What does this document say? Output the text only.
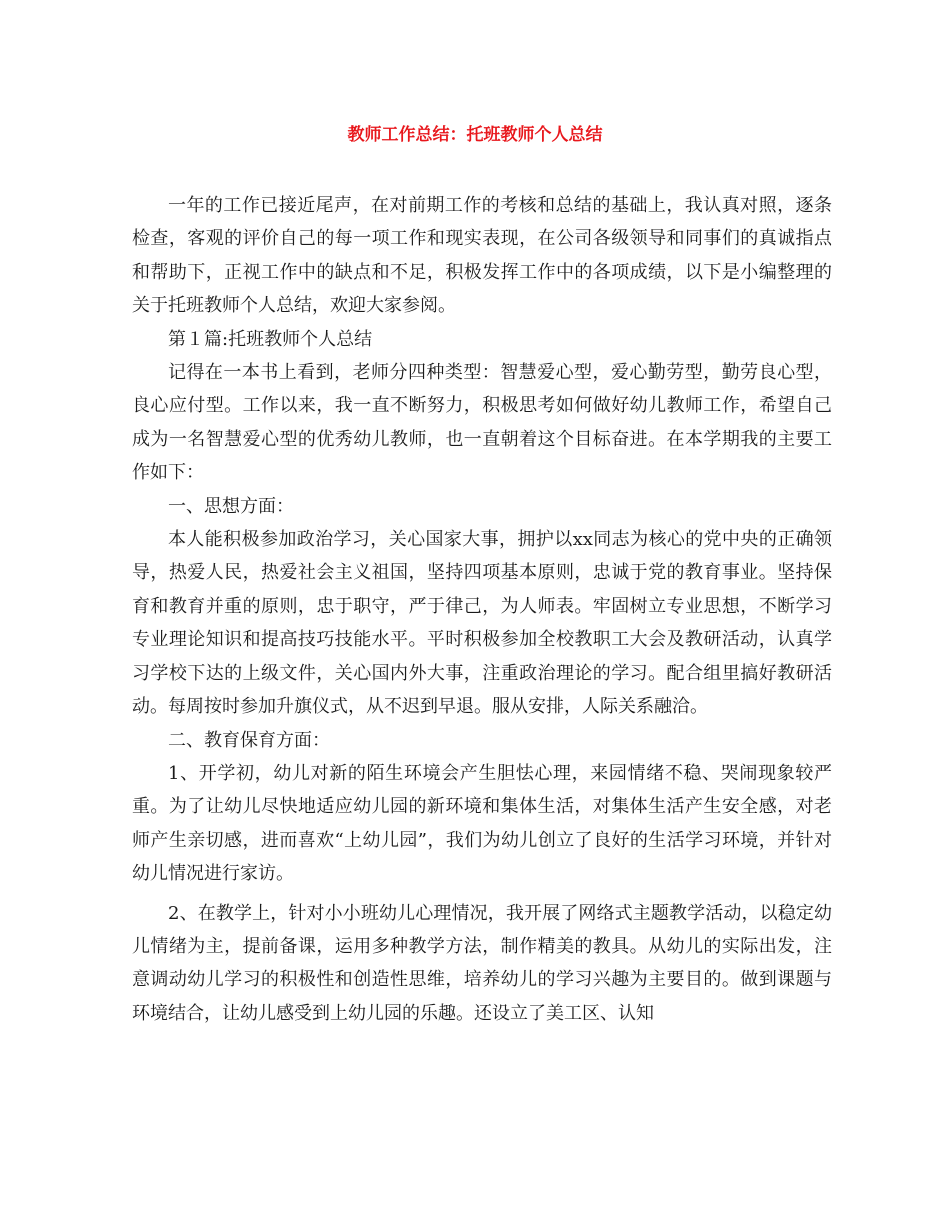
教师工作总结：托班教师个人总结

一年的工作已接近尾声，在对前期工作的考核和总结的基础上，我认真对照，逐条检查，客观的评价自己的每一项工作和现实表现，在公司各级领导和同事们的真诚指点和帮助下，正视工作中的缺点和不足，积极发挥工作中的各项成绩，以下是小编整理的关于托班教师个人总结，欢迎大家参阅。

第１篇:托班教师个人总结

记得在一本书上看到，老师分四种类型：智慧爱心型，爱心勤劳型，勤劳良心型，良心应付型。工作以来，我一直不断努力，积极思考如何做好幼儿教师工作，希望自己成为一名智慧爱心型的优秀幼儿教师，也一直朝着这个目标奋进。在本学期我的主要工作如下：

一、思想方面：

本人能积极参加政治学习，关心国家大事，拥护以xx同志为核心的党中央的正确领导，热爱人民，热爱社会主义祖国，坚持四项基本原则，忠诚于党的教育事业。坚持保育和教育并重的原则，忠于职守，严于律己，为人师表。牢固树立专业思想，不断学习专业理论知识和提高技巧技能水平。平时积极参加全校教职工大会及教研活动，认真学习学校下达的上级文件，关心国内外大事，注重政治理论的学习。配合组里搞好教研活动。每周按时参加升旗仪式，从不迟到早退。服从安排，人际关系融洽。

二、教育保育方面：

1、开学初，幼儿对新的陌生环境会产生胆怯心理，来园情绪不稳、哭闹现象较严重。为了让幼儿尽快地适应幼儿园的新环境和集体生活，对集体生活产生安全感，对老师产生亲切感，进而喜欢“上幼儿园”，我们为幼儿创立了良好的生活学习环境，并针对幼儿情况进行家访。

2、在教学上，针对小小班幼儿心理情况，我开展了网络式主题教学活动，以稳定幼儿情绪为主，提前备课，运用多种教学方法，制作精美的教具。从幼儿的实际出发，注意调动幼儿学习的积极性和创造性思维，培养幼儿的学习兴趣为主要目的。做到课题与环境结合，让幼儿感受到上幼儿园的乐趣。还设立了美工区、认知
